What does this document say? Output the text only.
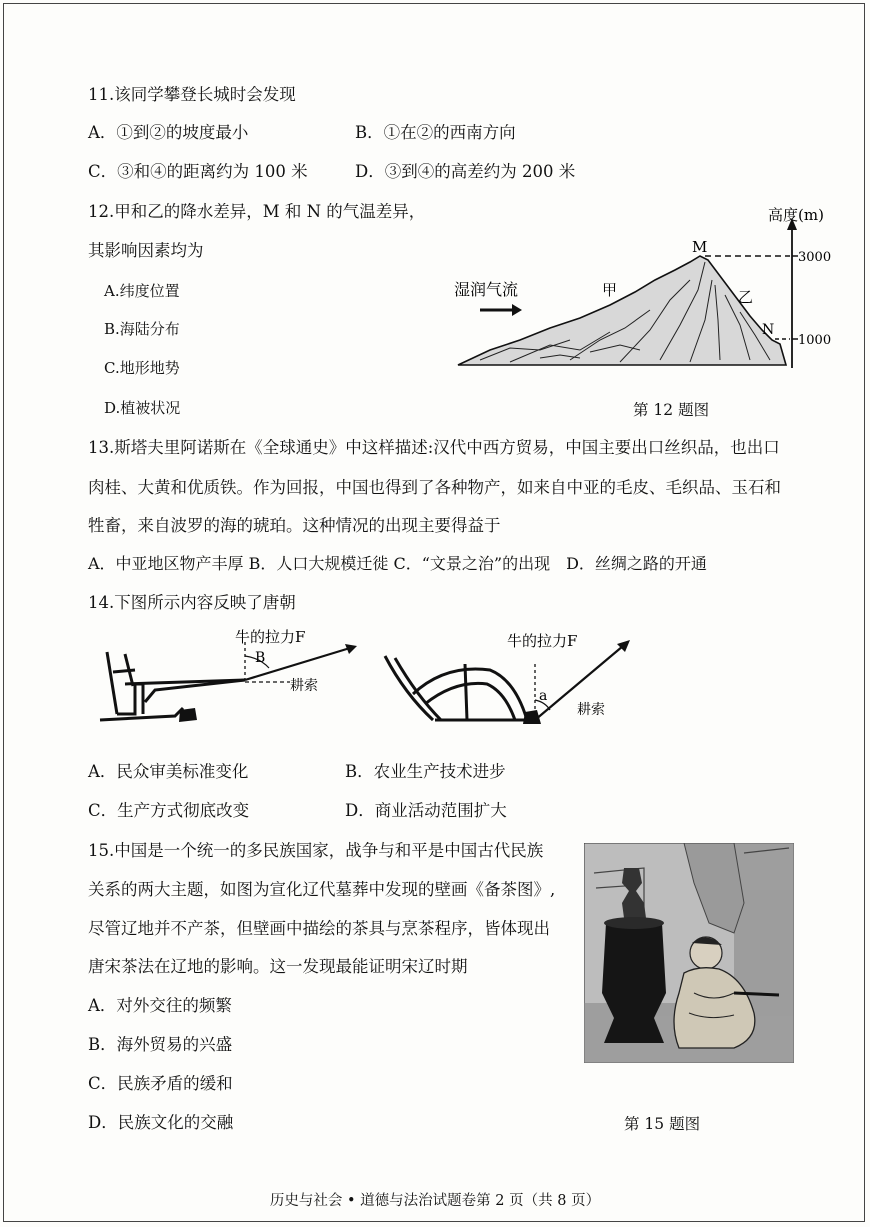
11.该同学攀登长城时会发现
A．①到②的坡度最小	B．①在②的西南方向
C．③和④的距离约为 100 米	D．③到④的高差约为 200 米
12.甲和乙的降水差异，M 和 N 的气温差异，
其影响因素均为
A.纬度位置
B.海陆分布
C.地形地势
D.植被状况
高度(m)
3000
1000
M
N
甲	乙
湿润气流
第 12 题图
13.斯塔夫里阿诺斯在《全球通史》中这样描述:汉代中西方贸易，中国主要出口丝织品，也出口
肉桂、大黄和优质铁。作为回报，中国也得到了各种物产，如来自中亚的毛皮、毛织品、玉石和
牲畜，来自波罗的海的琥珀。这种情况的出现主要得益于
A．中亚地区物产丰厚 B．人口大规模迁徙 C．“文景之治”的出现　D．丝绸之路的开通
14.下图所示内容反映了唐朝
B
牛的拉力F
耕索
a
牛的拉力F
耕索
A．民众审美标准变化	B．农业生产技术进步
C．生产方式彻底改变	D．商业活动范围扩大
15.中国是一个统一的多民族国家，战争与和平是中国古代民族
关系的两大主题，如图为宣化辽代墓葬中发现的壁画《备茶图》,
尽管辽地并不产茶，但壁画中描绘的茶具与烹茶程序，皆体现出
唐宋茶法在辽地的影响。这一发现最能证明宋辽时期
A．对外交往的频繁
B．海外贸易的兴盛
C．民族矛盾的缓和
D．民族文化的交融	第 15 题图
历史与社会 • 道德与法治试题卷第 2 页（共 8 页）
